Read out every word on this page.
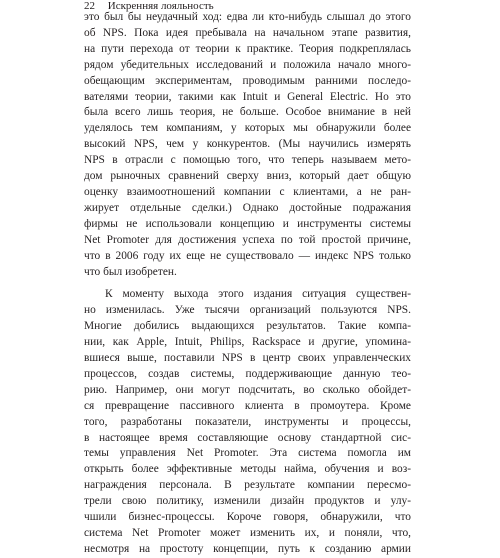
22 Искренняя лояльность
это был бы неудачный ход: едва ли кто-нибудь слышал до этого
об NPS. Пока идея пребывала на начальном этапе развития,
на пути перехода от теории к практике. Теория подкреплялась
рядом убедительных исследований и положила начало много-
обещающим экспериментам, проводимым ранними последо-
вателями теории, такими как Intuit и General Electric. Но это
была всего лишь теория, не больше. Особое внимание в ней
уделялось тем компаниям, у которых мы обнаружили более
высокий NPS, чем у конкурентов. (Мы научились измерять
NPS в отрасли с помощью того, что теперь называем мето-
дом рыночных сравнений сверху вниз, который дает общую
оценку взаимоотношений компании с клиентами, а не ран-
жирует отдельные сделки.) Однако достойные подражания
фирмы не использовали концепцию и инструменты системы
Net Promoter для достижения успеха по той простой причине,
что в 2006 году их еще не существовало — индекс NPS только
что был изобретен.
К моменту выхода этого издания ситуация существен-
но изменилась. Уже тысячи организаций пользуются NPS.
Многие добились выдающихся результатов. Такие компа-
нии, как Apple, Intuit, Philips, Rackspace и другие, упомина-
вшиеся выше, поставили NPS в центр своих управленческих
процессов, создав системы, поддерживающие данную тео-
рию. Например, они могут подсчитать, во сколько обойдет-
ся превращение пассивного клиента в промоутера. Кроме
того, разработаны показатели, инструменты и процессы,
в настоящее время составляющие основу стандартной сис-
темы управления Net Promoter. Эта система помогла им
открыть более эффективные методы найма, обучения и воз-
награждения персонала. В результате компании пересмо-
трели свою политику, изменили дизайн продуктов и улу-
чшили бизнес-процессы. Короче говоря, обнаружили, что
система Net Promoter может изменить их, и поняли, что,
несмотря на простоту концепции, путь к созданию армии
